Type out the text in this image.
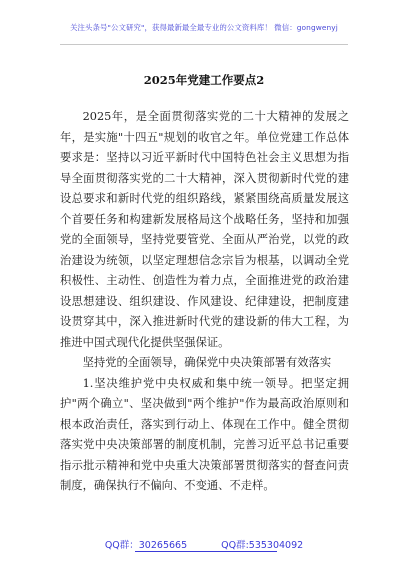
关注头条号"公文研究"，获得最新最全最专业的公文资料库！ 微信：gongwenyj
2025年党建工作要点2

2025年，是全面贯彻落实党的二十大精神的发展之年，是实施"十四五"规划的收官之年。单位党建工作总体要求是：坚持以习近平新时代中国特色社会主义思想为指导全面贯彻落实党的二十大精神，深入贯彻新时代党的建设总要求和新时代党的组织路线，紧紧围绕高质量发展这个首要任务和构建新发展格局这个战略任务，坚持和加强党的全面领导，坚持党要管党、全面从严治党，以党的政治建设为统领，以坚定理想信念宗旨为根基，以调动全党积极性、主动性、创造性为着力点，全面推进党的政治建设思想建设、组织建设、作风建设、纪律建设，把制度建设贯穿其中，深入推进新时代党的建设新的伟大工程，为推进中国式现代化提供坚强保证。

坚持党的全面领导，确保党中央决策部署有效落实

1.坚决维护党中央权威和集中统一领导。把坚定拥护"两个确立"、坚决做到"两个维护"作为最高政治原则和根本政治责任，落实到行动上、体现在工作中。健全贯彻落实党中央决策部署的制度机制，完善习近平总书记重要指示批示精神和党中央重大决策部署贯彻落实的督查问责制度，确保执行不偏向、不变通、不走样。

QQ群：30265665	QQ群:535304092
